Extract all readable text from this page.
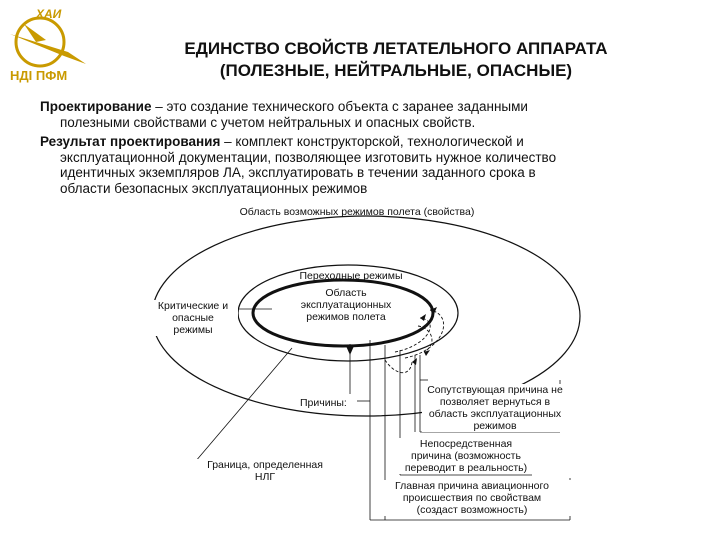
ХАИ
НДІ ПФМ
ЕДИНСТВО СВОЙСТВ ЛЕТАТЕЛЬНОГО АППАРАТА
(ПОЛЕЗНЫЕ, НЕЙТРАЛЬНЫЕ, ОПАСНЫЕ)
Проектирование – это создание технического объекта с заранее заданными
полезными свойствами с учетом нейтральных и опасных свойств.
Результат проектирования – комплект конструкторской, технологической и
эксплуатационной документации, позволяющее изготовить нужное количество
идентичных экземпляров ЛА, эксплуатировать в течении заданного срока в
области безопасных эксплуатационных режимов
Область возможных режимов полета (свойства)
Переходные режимы
Область
эксплуатационных
режимов полета
Критические и
опасные
режимы
Причины:
Граница, определенная
НЛГ
Сопутствующая причина не
позволяет вернуться в
область эксплуатационных
режимов
Непосредственная
причина (возможность
переводит в реальность)
Главная причина авиационного
происшествия по свойствам
(создаст возможность)
